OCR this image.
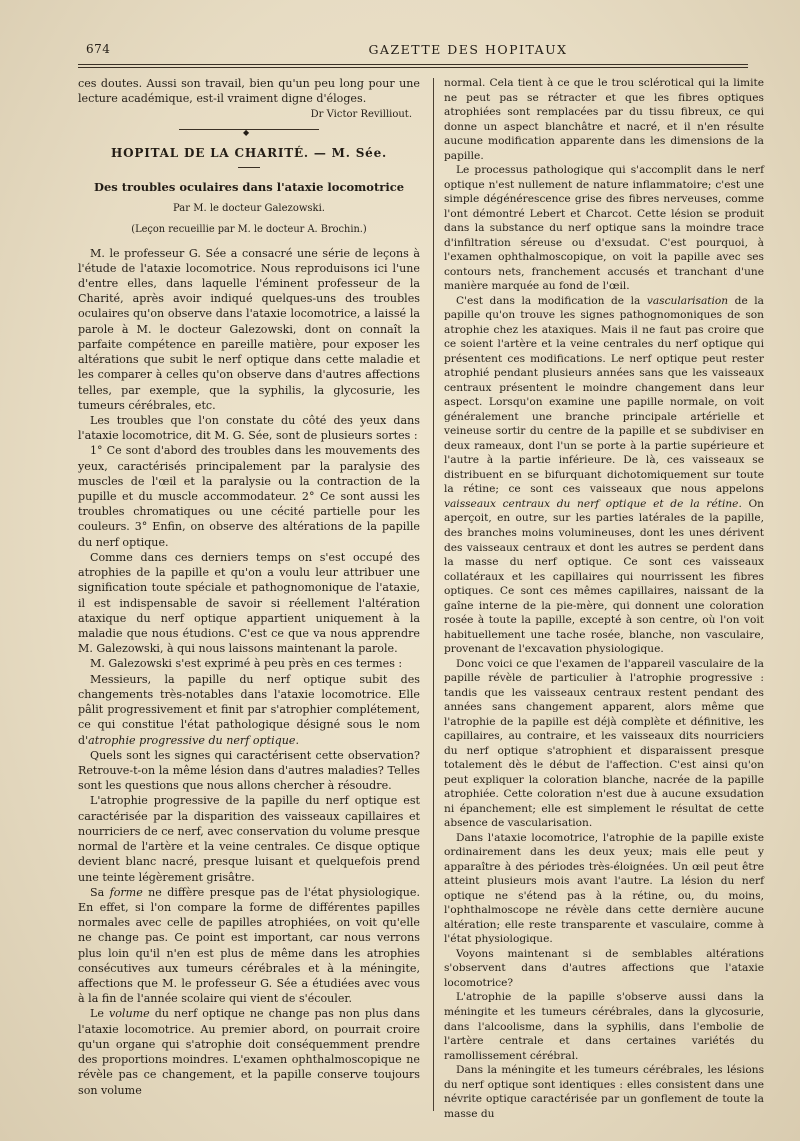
674	GAZETTE DES HOPITAUX

ces doutes. Aussi son travail, bien qu'un peu long pour une lecture académique, est-il vraiment digne d'éloges.

Dr Victor Revilliout.
◆
HOPITAL DE LA CHARITÉ. — M. Sée.
Des troubles oculaires dans l'ataxie locomotrice
Par M. le docteur Galezowski.
(Leçon recueillie par M. le docteur A. Brochin.)

M. le professeur G. Sée a consacré une série de leçons à l'étude de l'ataxie locomotrice. Nous reproduisons ici l'une d'entre elles, dans laquelle l'éminent professeur de la Charité, après avoir indiqué quelques-uns des troubles oculaires qu'on observe dans l'ataxie locomotrice, a laissé la parole à M. le docteur Galezowski, dont on connaît la parfaite compétence en pareille matière, pour exposer les altérations que subit le nerf optique dans cette maladie et les comparer à celles qu'on observe dans d'autres affections telles, par exemple, que la syphilis, la glycosurie, les tumeurs cérébrales, etc.

Les troubles que l'on constate du côté des yeux dans l'ataxie locomotrice, dit M. G. Sée, sont de plusieurs sortes :

1° Ce sont d'abord des troubles dans les mouvements des yeux, caractérisés principalement par la paralysie des muscles de l'œil et la paralysie ou la contraction de la pupille et du muscle accommodateur. 2° Ce sont aussi les troubles chromatiques ou une cécité partielle pour les couleurs. 3° Enfin, on observe des altérations de la papille du nerf optique.

Comme dans ces derniers temps on s'est occupé des atrophies de la papille et qu'on a voulu leur attribuer une signification toute spéciale et pathognomonique de l'ataxie, il est indispensable de savoir si réellement l'altération ataxique du nerf optique appartient uniquement à la maladie que nous étudions. C'est ce que va nous apprendre M. Galezowski, à qui nous laissons maintenant la parole.

M. Galezowski s'est exprimé à peu près en ces termes :

Messieurs, la papille du nerf optique subit des changements très-notables dans l'ataxie locomotrice. Elle pâlit progressivement et finit par s'atrophier complétement, ce qui constitue l'état pathologique désigné sous le nom d'atrophie progressive du nerf optique.

Quels sont les signes qui caractérisent cette observation? Retrouve-t-on la même lésion dans d'autres maladies? Telles sont les questions que nous allons chercher à résoudre.

L'atrophie progressive de la papille du nerf optique est caractérisée par la disparition des vaisseaux capillaires et nourriciers de ce nerf, avec conservation du volume presque normal de l'artère et la veine centrales. Ce disque optique devient blanc nacré, presque luisant et quelquefois prend une teinte légèrement grisâtre.

Sa forme ne diffère presque pas de l'état physiologique. En effet, si l'on compare la forme de différentes papilles normales avec celle de papilles atrophiées, on voit qu'elle ne change pas. Ce point est important, car nous verrons plus loin qu'il n'en est plus de même dans les atrophies consécutives aux tumeurs cérébrales et à la méningite, affections que M. le professeur G. Sée a étudiées avec vous à la fin de l'année scolaire qui vient de s'écouler.

Le volume du nerf optique ne change pas non plus dans l'ataxie locomotrice. Au premier abord, on pourrait croire qu'un organe qui s'atrophie doit conséquemment prendre des proportions moindres. L'examen ophthalmoscopique ne révèle pas ce changement, et la papille conserve toujours son volume

normal. Cela tient à ce que le trou sclérotical qui la limite ne peut pas se rétracter et que les fibres optiques atrophiées sont remplacées par du tissu fibreux, ce qui donne un aspect blanchâtre et nacré, et il n'en résulte aucune modification apparente dans les dimensions de la papille.

Le processus pathologique qui s'accomplit dans le nerf optique n'est nullement de nature inflammatoire; c'est une simple dégénérescence grise des fibres nerveuses, comme l'ont démontré Lebert et Charcot. Cette lésion se produit dans la substance du nerf optique sans la moindre trace d'infiltration séreuse ou d'exsudat. C'est pourquoi, à l'examen ophthalmoscopique, on voit la papille avec ses contours nets, franchement accusés et tranchant d'une manière marquée au fond de l'œil.

C'est dans la modification de la vascularisation de la papille qu'on trouve les signes pathognomoniques de son atrophie chez les ataxiques. Mais il ne faut pas croire que ce soient l'artère et la veine centrales du nerf optique qui présentent ces modifications. Le nerf optique peut rester atrophié pendant plusieurs années sans que les vaisseaux centraux présentent le moindre changement dans leur aspect. Lorsqu'on examine une papille normale, on voit généralement une branche principale artérielle et veineuse sortir du centre de la papille et se subdiviser en deux rameaux, dont l'un se porte à la partie supérieure et l'autre à la partie inférieure. De là, ces vaisseaux se distribuent en se bifurquant dichotomiquement sur toute la rétine; ce sont ces vaisseaux que nous appelons vaisseaux centraux du nerf optique et de la rétine. On aperçoit, en outre, sur les parties latérales de la papille, des branches moins volumineuses, dont les unes dérivent des vaisseaux centraux et dont les autres se perdent dans la masse du nerf optique. Ce sont ces vaisseaux collatéraux et les capillaires qui nourrissent les fibres optiques. Ce sont ces mêmes capillaires, naissant de la gaîne interne de la pie-mère, qui donnent une coloration rosée à toute la papille, excepté à son centre, où l'on voit habituellement une tache rosée, blanche, non vasculaire, provenant de l'excavation physiologique.

Donc voici ce que l'examen de l'appareil vasculaire de la papille révèle de particulier à l'atrophie progressive : tandis que les vaisseaux centraux restent pendant des années sans changement apparent, alors même que l'atrophie de la papille est déjà complète et définitive, les capillaires, au contraire, et les vaisseaux dits nourriciers du nerf optique s'atrophient et disparaissent presque totalement dès le début de l'affection. C'est ainsi qu'on peut expliquer la coloration blanche, nacrée de la papille atrophiée. Cette coloration n'est due à aucune exsudation ni épanchement; elle est simplement le résultat de cette absence de vascularisation.

Dans l'ataxie locomotrice, l'atrophie de la papille existe ordinairement dans les deux yeux; mais elle peut y apparaître à des périodes très-éloignées. Un œil peut être atteint plusieurs mois avant l'autre. La lésion du nerf optique ne s'étend pas à la rétine, ou, du moins, l'ophthalmoscope ne révèle dans cette dernière aucune altération; elle reste transparente et vasculaire, comme à l'état physiologique.

Voyons maintenant si de semblables altérations s'observent dans d'autres affections que l'ataxie locomotrice?

L'atrophie de la papille s'observe aussi dans la méningite et les tumeurs cérébrales, dans la glycosurie, dans l'alcoolisme, dans la syphilis, dans l'embolie de l'artère centrale et dans certaines variétés du ramollissement cérébral.

Dans la méningite et les tumeurs cérébrales, les lésions du nerf optique sont identiques : elles consistent dans une névrite optique caractérisée par un gonflement de toute la masse du
